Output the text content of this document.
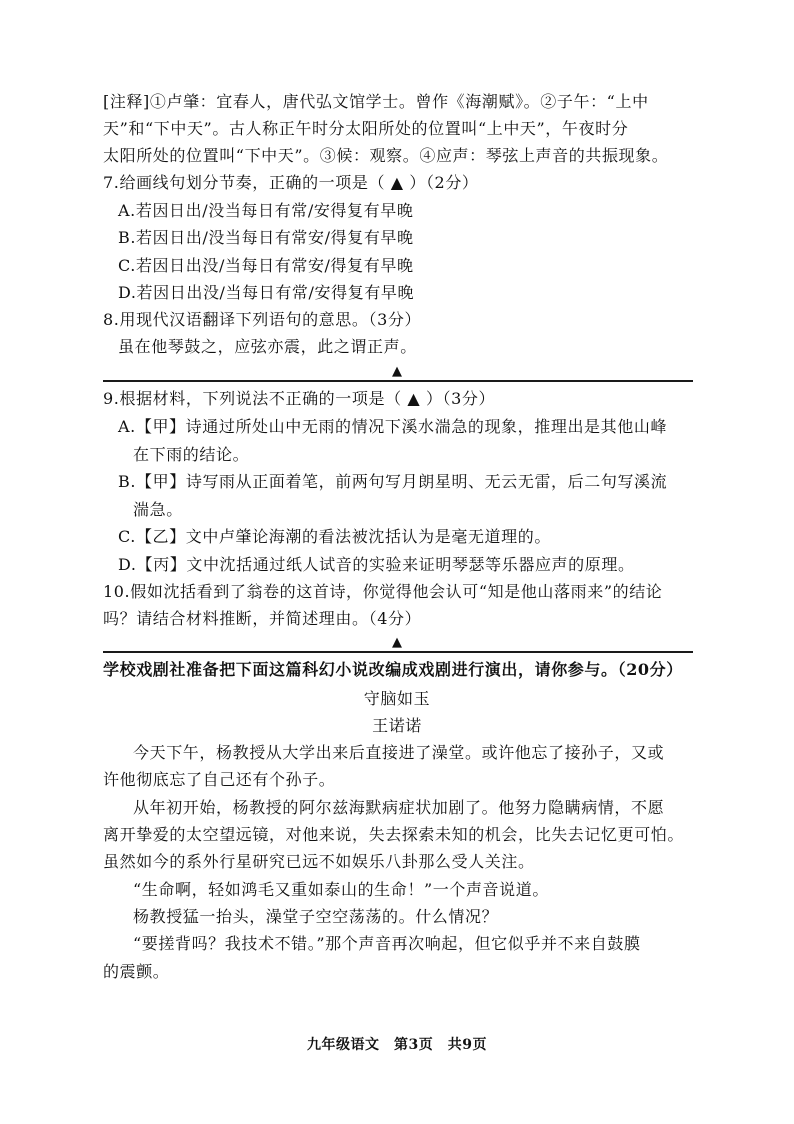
[注释]①卢肇：宜春人，唐代弘文馆学士。曾作《海潮赋》。②子午：“上中
天”和“下中天”。古人称正午时分太阳所处的位置叫“上中天”，午夜时分
太阳所处的位置叫“下中天”。③候：观察。④应声：琴弦上声音的共振现象。
7.给画线句划分节奏，正确的一项是（ ▲ ）（2分）
A.若因日出/没当每日有常/安得复有早晚
B.若因日出/没当每日有常安/得复有早晚
C.若因日出没/当每日有常安/得复有早晚
D.若因日出没/当每日有常/安得复有早晚
8.用现代汉语翻译下列语句的意思。（3分）
虽在他琴鼓之，应弦亦震，此之谓正声。
▲
9.根据材料，下列说法不正确的一项是（ ▲ ）（3分）
A.【甲】诗通过所处山中无雨的情况下溪水湍急的现象，推理出是其他山峰
在下雨的结论。
B.【甲】诗写雨从正面着笔，前两句写月朗星明、无云无雷，后二句写溪流
湍急。
C.【乙】文中卢肇论海潮的看法被沈括认为是毫无道理的。
D.【丙】文中沈括通过纸人试音的实验来证明琴瑟等乐器应声的原理。
10.假如沈括看到了翁卷的这首诗，你觉得他会认可“知是他山落雨来”的结论
吗？请结合材料推断，并简述理由。（4分）
▲
学校戏剧社准备把下面这篇科幻小说改编成戏剧进行演出，请你参与。（20分）
守脑如玉
王诺诺
今天下午，杨教授从大学出来后直接进了澡堂。或许他忘了接孙子，又或
许他彻底忘了自己还有个孙子。
从年初开始，杨教授的阿尔兹海默病症状加剧了。他努力隐瞒病情，不愿
离开挚爱的太空望远镜，对他来说，失去探索未知的机会，比失去记忆更可怕。
虽然如今的系外行星研究已远不如娱乐八卦那么受人关注。
“生命啊，轻如鸿毛又重如泰山的生命！”一个声音说道。
杨教授猛一抬头，澡堂子空空荡荡的。什么情况？
“要搓背吗？我技术不错。”那个声音再次响起，但它似乎并不来自鼓膜
的震颤。
九年级语文　第3页　共9页
